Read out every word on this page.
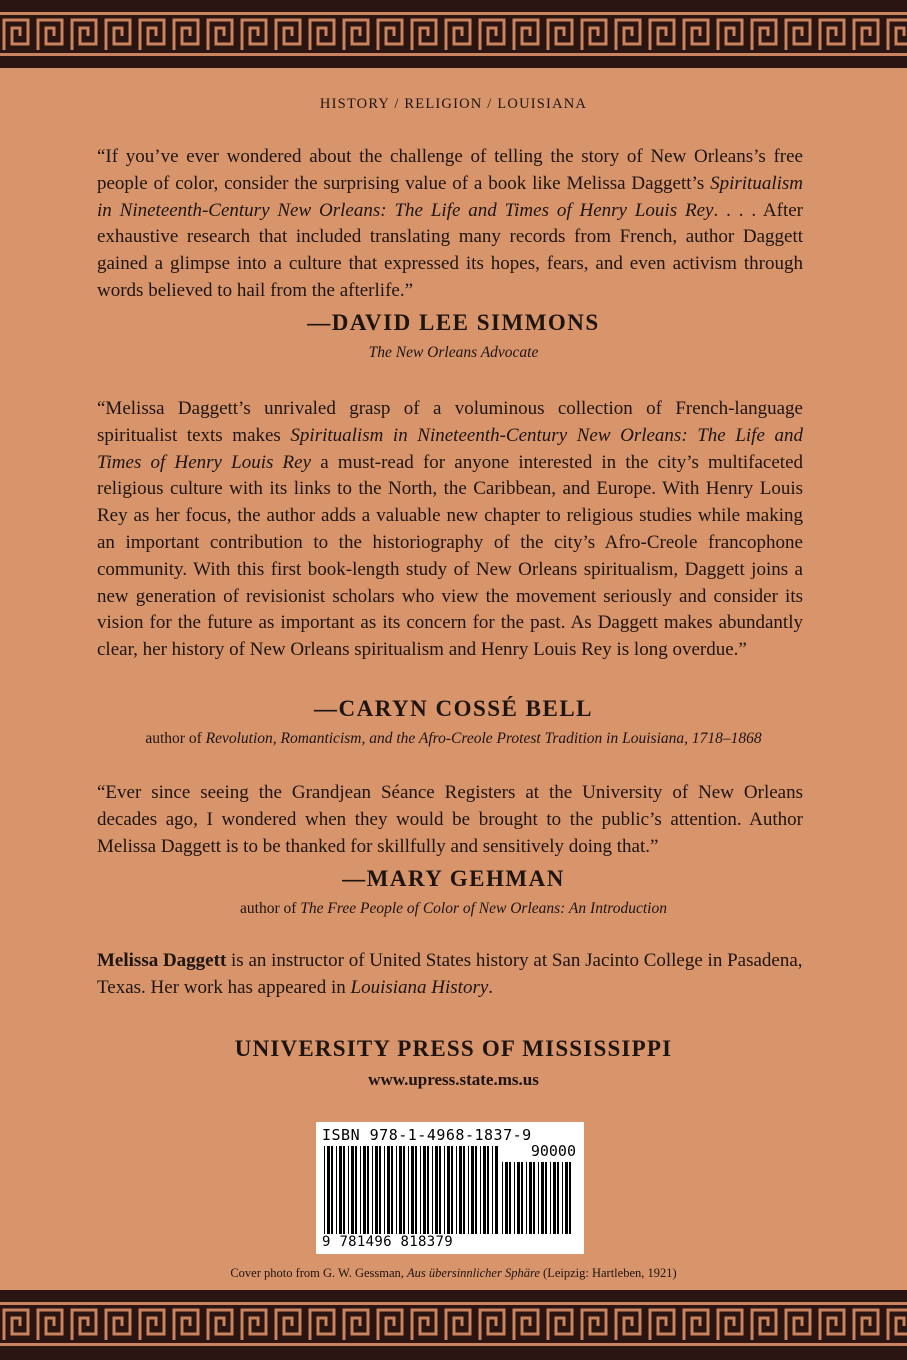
HISTORY / RELIGION / LOUISIANA

“If you’ve ever wondered about the challenge of telling the story of New Orleans’s free people of color, consider the surprising value of a book like Melissa Daggett’s Spiritualism in Nineteenth-Century New Orleans: The Life and Times of Henry Louis Rey. . . . After exhaustive research that included translating many records from French, author Daggett gained a glimpse into a culture that expressed its hopes, fears, and even activism through words believed to hail from the afterlife.”

—DAVID LEE SIMMONS
The New Orleans Advocate

“Melissa Daggett’s unrivaled grasp of a voluminous collection of French-language spiritualist texts makes Spiritualism in Nineteenth-Century New Orleans: The Life and Times of Henry Louis Rey a must-read for anyone interested in the city’s multifaceted religious culture with its links to the North, the Caribbean, and Europe. With Henry Louis Rey as her focus, the author adds a valuable new chapter to religious studies while making an important contribution to the historiography of the city’s Afro-Creole francophone community. With this first book-length study of New Orleans spiritualism, Daggett joins a new generation of revisionist scholars who view the movement seriously and consider its vision for the future as important as its concern for the past. As Daggett makes abundantly clear, her history of New Orleans spiritualism and Henry Louis Rey is long overdue.”

—CARYN COSSÉ BELL
author of Revolution, Romanticism, and the Afro-Creole Protest Tradition in Louisiana, 1718–1868

“Ever since seeing the Grandjean Séance Registers at the University of New Orleans decades ago, I wondered when they would be brought to the public’s attention. Author Melissa Daggett is to be thanked for skillfully and sensitively doing that.”

—MARY GEHMAN
author of The Free People of Color of New Orleans: An Introduction

Melissa Daggett is an instructor of United States history at San Jacinto College in Pasadena, Texas. Her work has appeared in Louisiana History.

UNIVERSITY PRESS OF MISSISSIPPI
www.upress.state.ms.us
ISBN 978-1-4968-1837-9
90000
9 781496 818379
Cover photo from G. W. Gessman, Aus übersinnlicher Sphäre (Leipzig: Hartleben, 1921)
